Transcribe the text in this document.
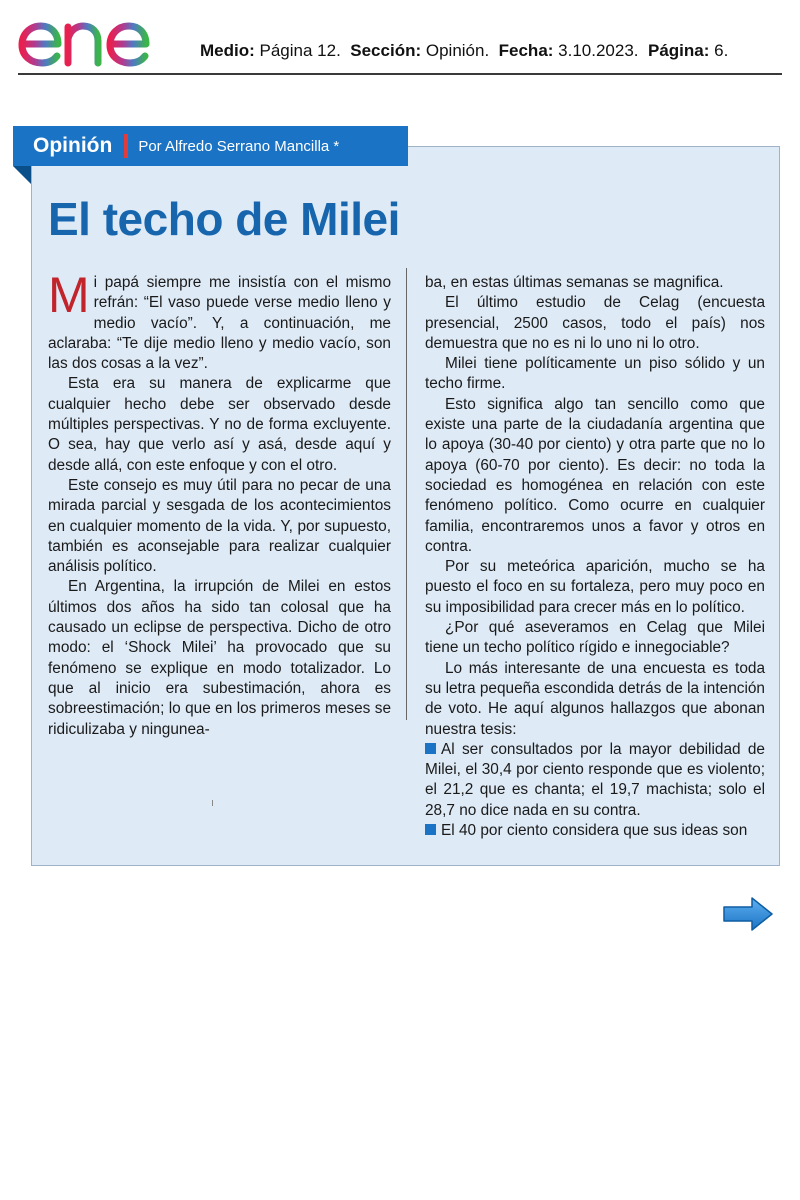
Medio: Página 12. Sección: Opinión. Fecha: 3.10.2023. Página: 6.
Opinión Por Alfredo Serrano Mancilla *
El techo de Milei

Mi papá siempre me insistía con el mismo refrán: “El vaso puede verse medio lleno y medio vacío”. Y, a continuación, me aclaraba: “Te dije medio lleno y medio vacío, son las dos cosas a la vez”.

Esta era su manera de explicarme que cualquier hecho debe ser observado desde múltiples perspectivas. Y no de forma excluyente. O sea, hay que verlo así y asá, desde aquí y desde allá, con este enfoque y con el otro.

Este consejo es muy útil para no pecar de una mirada parcial y sesgada de los acontecimientos en cualquier momento de la vida. Y, por supuesto, también es aconsejable para realizar cualquier análisis político.

En Argentina, la irrupción de Milei en estos últimos dos años ha sido tan colosal que ha causado un eclipse de perspectiva. Dicho de otro modo: el ‘Shock Milei’ ha provocado que su fenómeno se explique en modo totalizador. Lo que al inicio era subestimación, ahora es sobreestimación; lo que en los primeros meses se ridiculizaba y ningunea-

ba, en estas últimas semanas se magnifica.

El último estudio de Celag (encuesta presencial, 2500 casos, todo el país) nos demuestra que no es ni lo uno ni lo otro.

Milei tiene políticamente un piso sólido y un techo firme.

Esto significa algo tan sencillo como que existe una parte de la ciudadanía argentina que lo apoya (30-40 por ciento) y otra parte que no lo apoya (60-70 por ciento). Es decir: no toda la sociedad es homogénea en relación con este fenómeno político. Como ocurre en cualquier familia, encontraremos unos a favor y otros en contra.

Por su meteórica aparición, mucho se ha puesto el foco en su fortaleza, pero muy poco en su imposibilidad para crecer más en lo político.

¿Por qué aseveramos en Celag que Milei tiene un techo político rígido e innegociable?

Lo más interesante de una encuesta es toda su letra pequeña escondida detrás de la intención de voto. He aquí algunos hallazgos que abonan nuestra tesis:

Al ser consultados por la mayor debilidad de Milei, el 30,4 por ciento responde que es violento; el 21,2 que es chanta; el 19,7 machista; solo el 28,7 no dice nada en su contra.

El 40 por ciento considera que sus ideas son
